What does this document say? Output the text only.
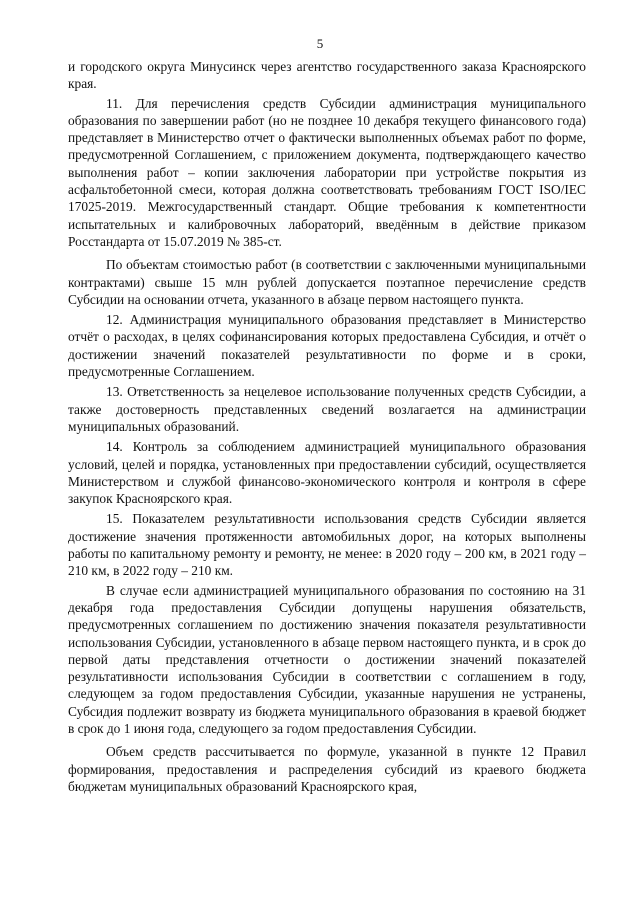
5

и городского округа Минусинск через агентство государственного заказа Красноярского края.

11. Для перечисления средств Субсидии администрация муниципального образования по завершении работ (но не позднее 10 декабря текущего финансового года) представляет в Министерство отчет о фактически выполненных объемах работ по форме, предусмотренной Соглашением, с приложением документа, подтверждающего качество выполнения работ – копии заключения лаборатории при устройстве покрытия из асфальтобетонной смеси, которая должна соответствовать требованиям ГОСТ ISO/IEC 17025-2019. Межгосударственный стандарт. Общие требования к компетентности испытательных и калибровочных лабораторий, введённым в действие приказом Росстандарта от 15.07.2019 № 385-ст.

По объектам стоимостью работ (в соответствии с заключенными муниципальными контрактами) свыше 15 млн рублей допускается поэтапное перечисление средств Субсидии на основании отчета, указанного в абзаце первом настоящего пункта.

12. Администрация муниципального образования представляет в Министерство отчёт о расходах, в целях софинансирования которых предоставлена Субсидия, и отчёт о достижении значений показателей результативности по форме и в сроки, предусмотренные Соглашением.

13. Ответственность за нецелевое использование полученных средств Субсидии, а также достоверность представленных сведений возлагается на администрации муниципальных образований.

14. Контроль за соблюдением администрацией муниципального образования условий, целей и порядка, установленных при предоставлении субсидий, осуществляется Министерством и службой финансово-экономического контроля и контроля в сфере закупок Красноярского края.

15. Показателем результативности использования средств Субсидии является достижение значения протяженности автомобильных дорог, на которых выполнены работы по капитальному ремонту и ремонту, не менее: в 2020 году – 200 км, в 2021 году – 210 км, в 2022 году – 210 км.

В случае если администрацией муниципального образования по состоянию на 31 декабря года предоставления Субсидии допущены нарушения обязательств, предусмотренных соглашением по достижению значения показателя результативности использования Субсидии, установленного в абзаце первом настоящего пункта, и в срок до первой даты представления отчетности о достижении значений показателей результативности использования Субсидии в соответствии с соглашением в году, следующем за годом предоставления Субсидии, указанные нарушения не устранены, Субсидия подлежит возврату из бюджета муниципального образования в краевой бюджет в срок до 1 июня года, следующего за годом предоставления Субсидии.

Объем средств рассчитывается по формуле, указанной в пункте 12 Правил формирования, предоставления и распределения субсидий из краевого бюджета бюджетам муниципальных образований Красноярского края,
